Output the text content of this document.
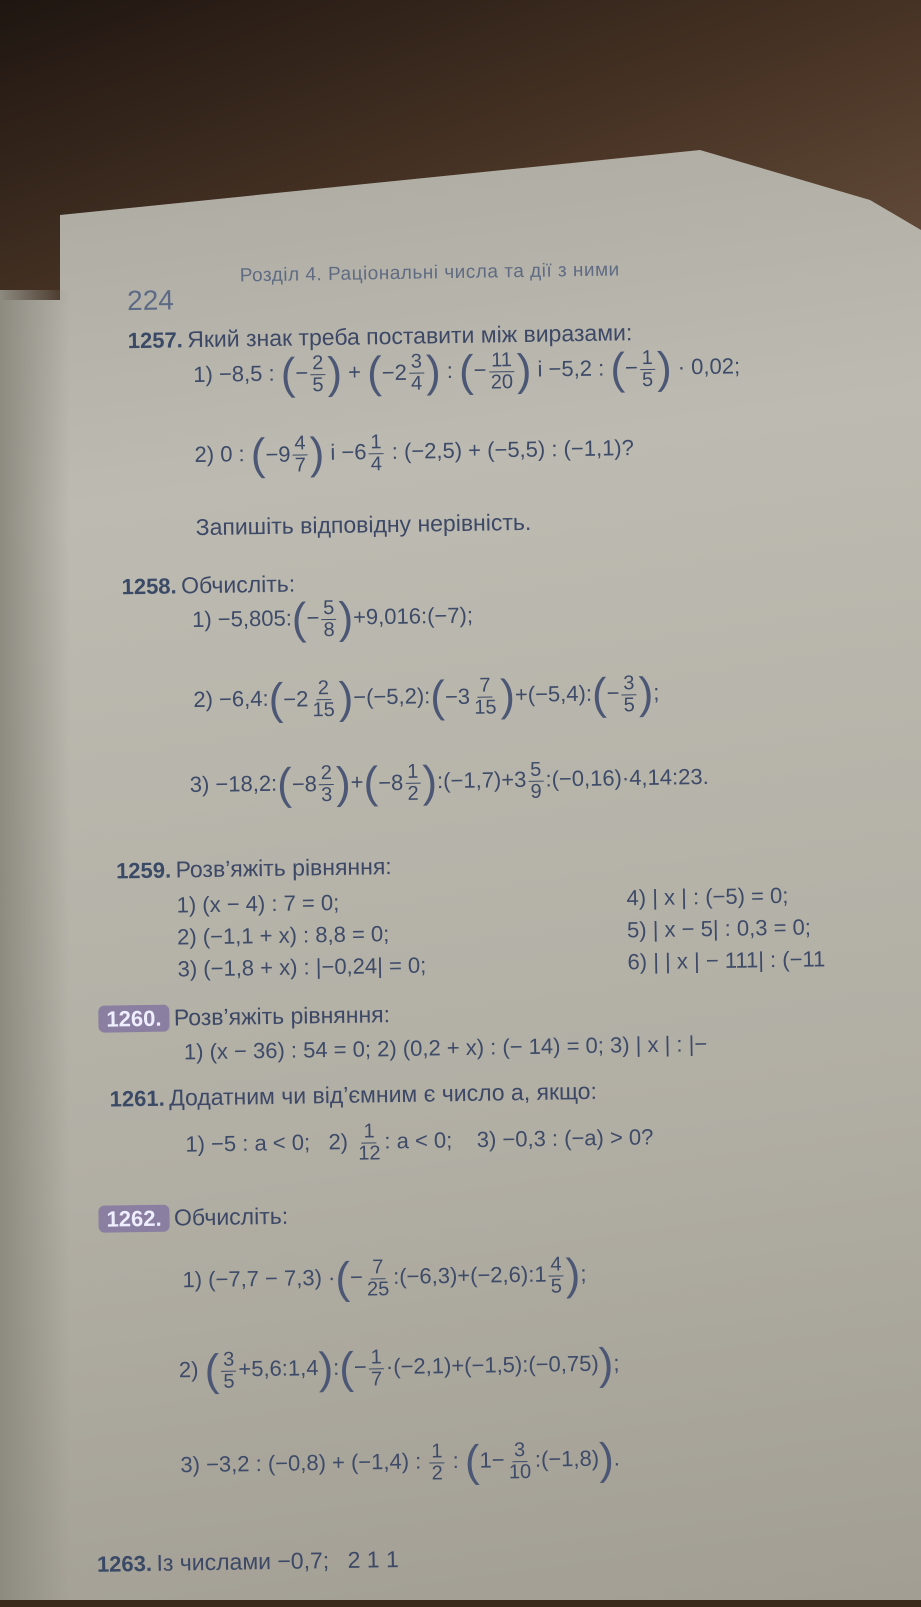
224
Розділ 4. Раціональні числа та дії з ними
1257. Який знак треба поставити між виразами:
1) −8,5 : (− $\frac{2}{5}$ ) + ($-2 \frac{3}{4}$ ) : (− $\frac{11}{20}$ ) і −5,2 : (− $\frac{1}{5}$ ) · 0,02;
2) 0 : ($-9 \frac{4}{7}$ ) $і -6 \frac{1}{4}$ : (−2,5) + (−5,5) : (−1,1)?
Запишіть відповідну нерівність.
1258. Обчисліть:
1) −5,805:(− $\frac{5}{8}$ )+9,016:(−7);
2) −6,4:(−2 $\frac{2}{15}$ )−(−5,2):(−3 $\frac{7}{15}$ )+(−5,4):(− $\frac{3}{5}$ );
3) −18,2:(−8 $\frac{2}{3} )+(-8 \frac{1}{2}$ ):(−1,7)+3 $\frac{5}{9}$ :(−0,16)·4,14:23.
1259. Розв’яжіть рівняння:
1) (x − 4) : 7 = 0;
2) (−1,1 + x) : 8,8 = 0;
3) (−1,8 + x) : |−0,24| = 0;
4) | x | : (−5) = 0;
5) | x − 5| : 0,3 = 0;
6) | | x | − 111| : (−11
1260. Розв’яжіть рівняння:
1) (x − 36) : 54 = 0; 2) (0,2 + x) : (− 14) = 0; 3) | x | : |−
1261. Додатним чи від’ємним є число a, якщо:
1) −5 : a < 0; $2) \frac{1}{12}$ : a < 0; 3) −0,3 : (−a) > 0?
1262. Обчисліть:
1) (−7,7 − 7,3) ·(− $\frac{7}{25}$ :(−6,3)+(−2,6):1 $\frac{4}{5}$ );
2) ( $\frac{3}{5}$ +5,6:1,4):(− $\frac{1}{7}$ ·(−2,1)+(−1,5):(−0,75));
3) −3,2 : (−0,8) + (−1,4) : $\frac{1}{2}$ : ($1- \frac{3}{10}$ :(−1,8)).
1263. Із числами −0,7; 2 1 1
